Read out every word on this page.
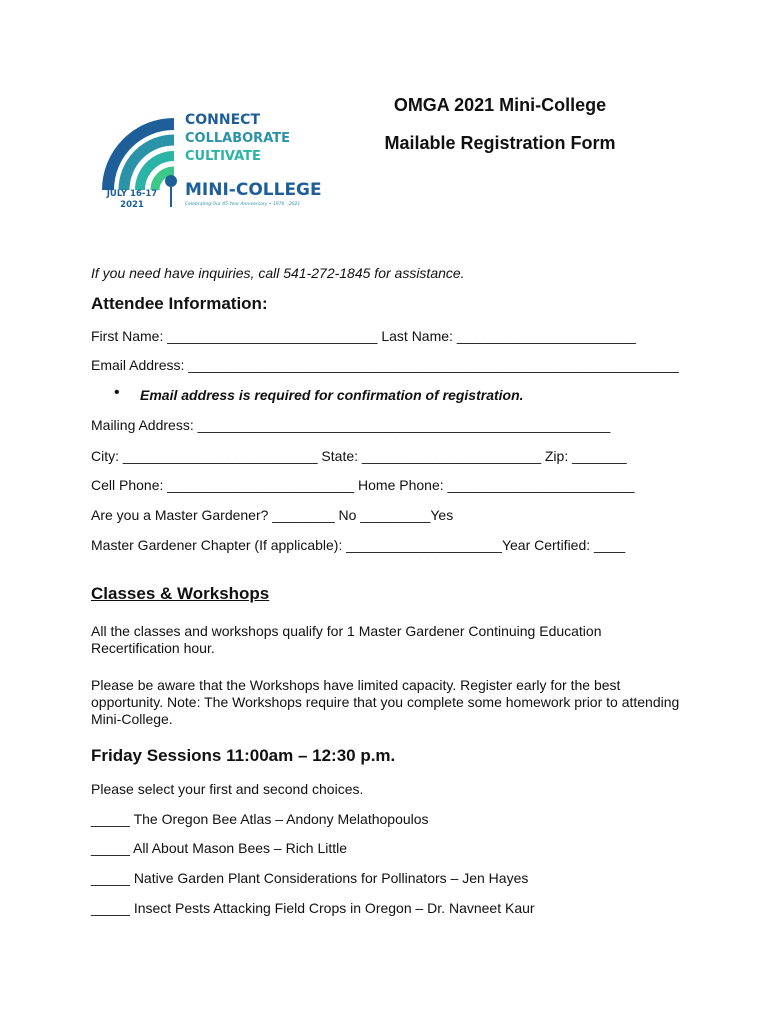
CONNECT
COLLABORATE
CULTIVATE
MINI-COLLEGE
Celebrating Our 45 Year Anniversary • 1976 - 2021
JULY 16-17
2021
OMGA 2021 Mini-College
Mailable Registration Form
If you need have inquiries, call 541-272-1845 for assistance.
Attendee Information:
First Name: ___________________________ Last Name: _______________________
Email Address: _______________________________________________________________
• Email address is required for confirmation of registration.
Mailing Address: _____________________________________________________
City: _________________________ State: _______________________ Zip: _______
Cell Phone: ________________________ Home Phone: ________________________
Are you a Master Gardener? ________ No _________Yes
Master Gardener Chapter (If applicable): ____________________Year Certified: ____
Classes & Workshops
All the classes and workshops qualify for 1 Master Gardener Continuing Education Recertification hour.
Please be aware that the Workshops have limited capacity. Register early for the best opportunity. Note: The Workshops require that you complete some homework prior to attending Mini-College.
Friday Sessions 11:00am – 12:30 p.m.
Please select your first and second choices.
_____ The Oregon Bee Atlas – Andony Melathopoulos
_____ All About Mason Bees – Rich Little
_____ Native Garden Plant Considerations for Pollinators – Jen Hayes
_____ Insect Pests Attacking Field Crops in Oregon – Dr. Navneet Kaur
